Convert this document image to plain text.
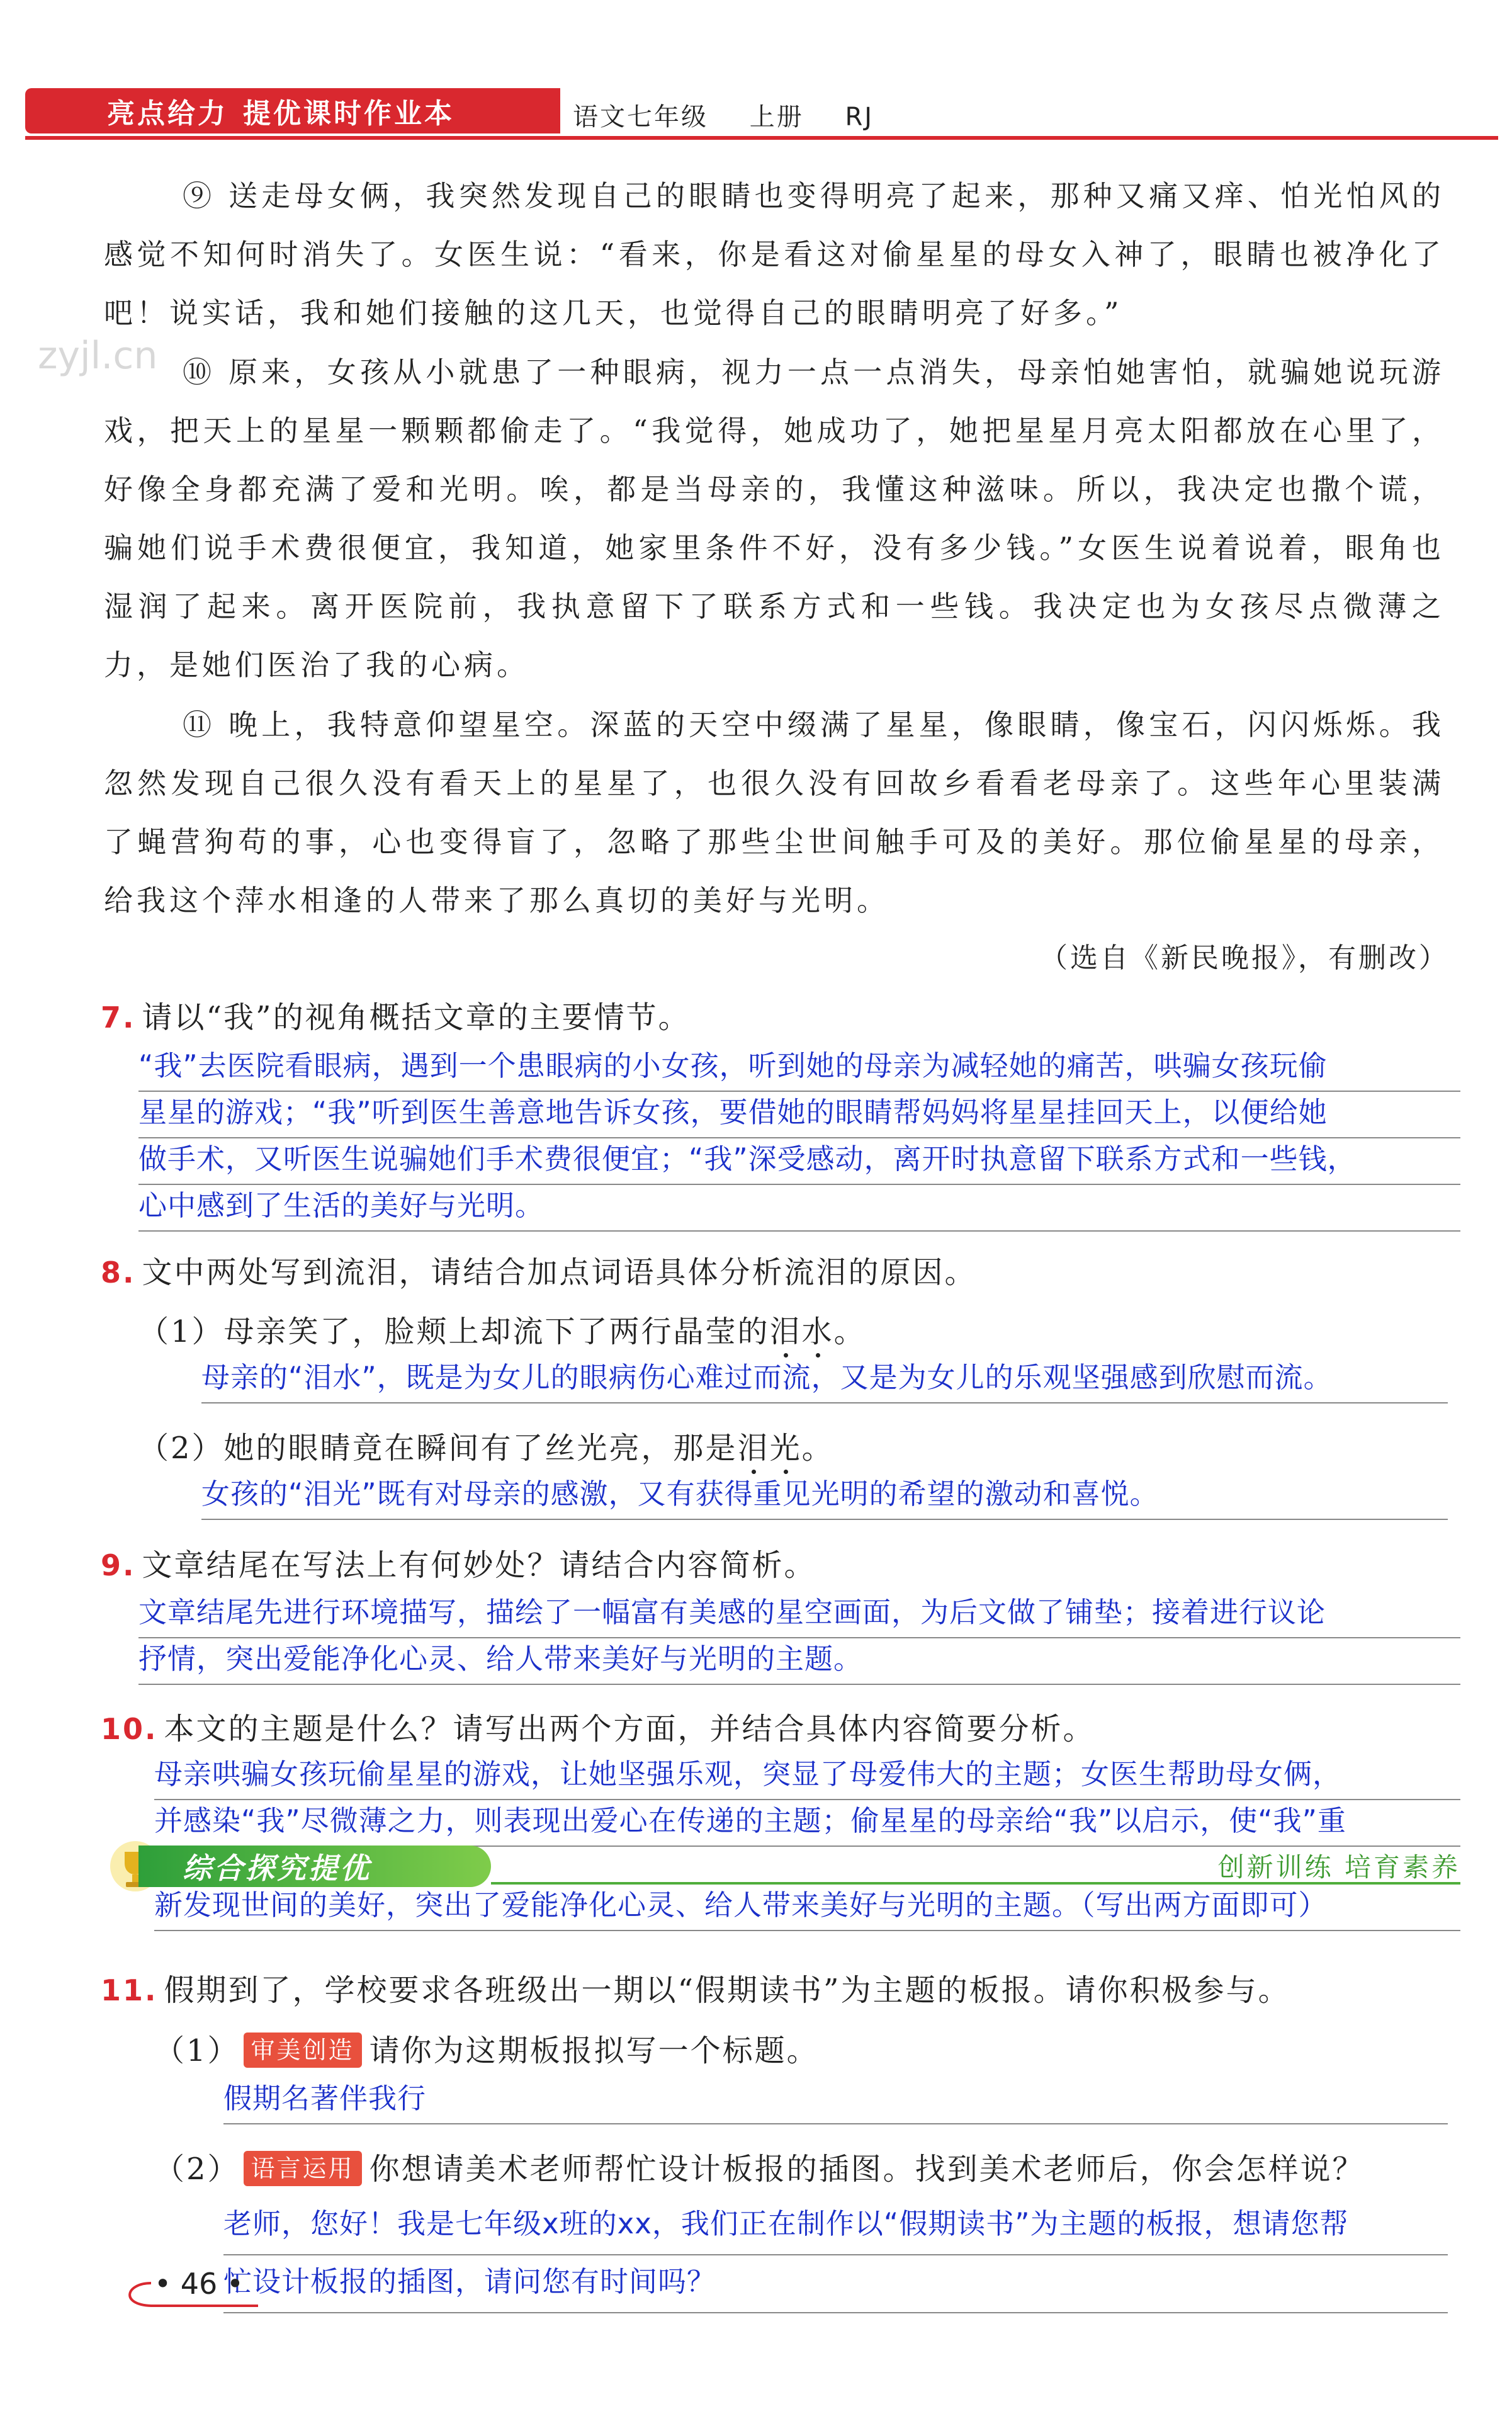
亮点给力 提优课时作业本	语文七年级 上册 RJ
zyjl.cn
⑨ 送走母女俩，我突然发现自己的眼睛也变得明亮了起来，那种又痛又痒、怕光怕风的感觉不知何时消失了。女医生说：“看来，你是看这对偷星星的母女入神了，眼睛也被净化了吧！说实话，我和她们接触的这几天，也觉得自己的眼睛明亮了好多。”
⑩ 原来，女孩从小就患了一种眼病，视力一点一点消失，母亲怕她害怕，就骗她说玩游戏，把天上的星星一颗颗都偷走了。“我觉得，她成功了，她把星星月亮太阳都放在心里了，好像全身都充满了爱和光明。唉，都是当母亲的，我懂这种滋味。所以，我决定也撒个谎，骗她们说手术费很便宜，我知道，她家里条件不好，没有多少钱。”女医生说着说着，眼角也湿润了起来。离开医院前，我执意留下了联系方式和一些钱。我决定也为女孩尽点微薄之力，是她们医治了我的心病。
⑪ 晚上，我特意仰望星空。深蓝的天空中缀满了星星，像眼睛，像宝石，闪闪烁烁。我忽然发现自己很久没有看天上的星星了，也很久没有回故乡看看老母亲了。这些年心里装满了蝇营狗苟的事，心也变得盲了，忽略了那些尘世间触手可及的美好。那位偷星星的母亲，给我这个萍水相逢的人带来了那么真切的美好与光明。
（选自《新民晚报》，有删改）
7. 请以“我”的视角概括文章的主要情节。
“我”去医院看眼病，遇到一个患眼病的小女孩，听到她的母亲为减轻她的痛苦，哄骗女孩玩偷
星星的游戏；“我”听到医生善意地告诉女孩，要借她的眼睛帮妈妈将星星挂回天上，以便给她
做手术，又听医生说骗她们手术费很便宜；“我”深受感动，离开时执意留下联系方式和一些钱，
心中感到了生活的美好与光明。
8. 文中两处写到流泪，请结合加点词语具体分析流泪的原因。
（1）母亲笑了，脸颊上却流下了两行晶莹的泪水。
母亲的“泪水”，既是为女儿的眼病伤心难过而流，又是为女儿的乐观坚强感到欣慰而流。
（2）她的眼睛竟在瞬间有了丝光亮，那是泪光。
女孩的“泪光”既有对母亲的感激，又有获得重见光明的希望的激动和喜悦。
9. 文章结尾在写法上有何妙处？请结合内容简析。
文章结尾先进行环境描写，描绘了一幅富有美感的星空画面，为后文做了铺垫；接着进行议论
抒情，突出爱能净化心灵、给人带来美好与光明的主题。
10. 本文的主题是什么？请写出两个方面，并结合具体内容简要分析。
母亲哄骗女孩玩偷星星的游戏，让她坚强乐观，突显了母爱伟大的主题；女医生帮助母女俩，
并感染“我”尽微薄之力，则表现出爱心在传递的主题；偷星星的母亲给“我”以启示，使“我”重
综合探究提优	创新训练 培育素养
新发现世间的美好，突出了爱能净化心灵、给人带来美好与光明的主题。（写出两方面即可）
11. 假期到了，学校要求各班级出一期以“假期读书”为主题的板报。请你积极参与。
（1） 审美创造 请你为这期板报拟写一个标题。
假期名著伴我行
（2） 语言运用 你想请美术老师帮忙设计板报的插图。找到美术老师后，你会怎样说？
老师，您好！我是七年级x班的xx，我们正在制作以“假期读书”为主题的板报，想请您帮
忙设计板报的插图，请问您有时间吗？
• 46 •
